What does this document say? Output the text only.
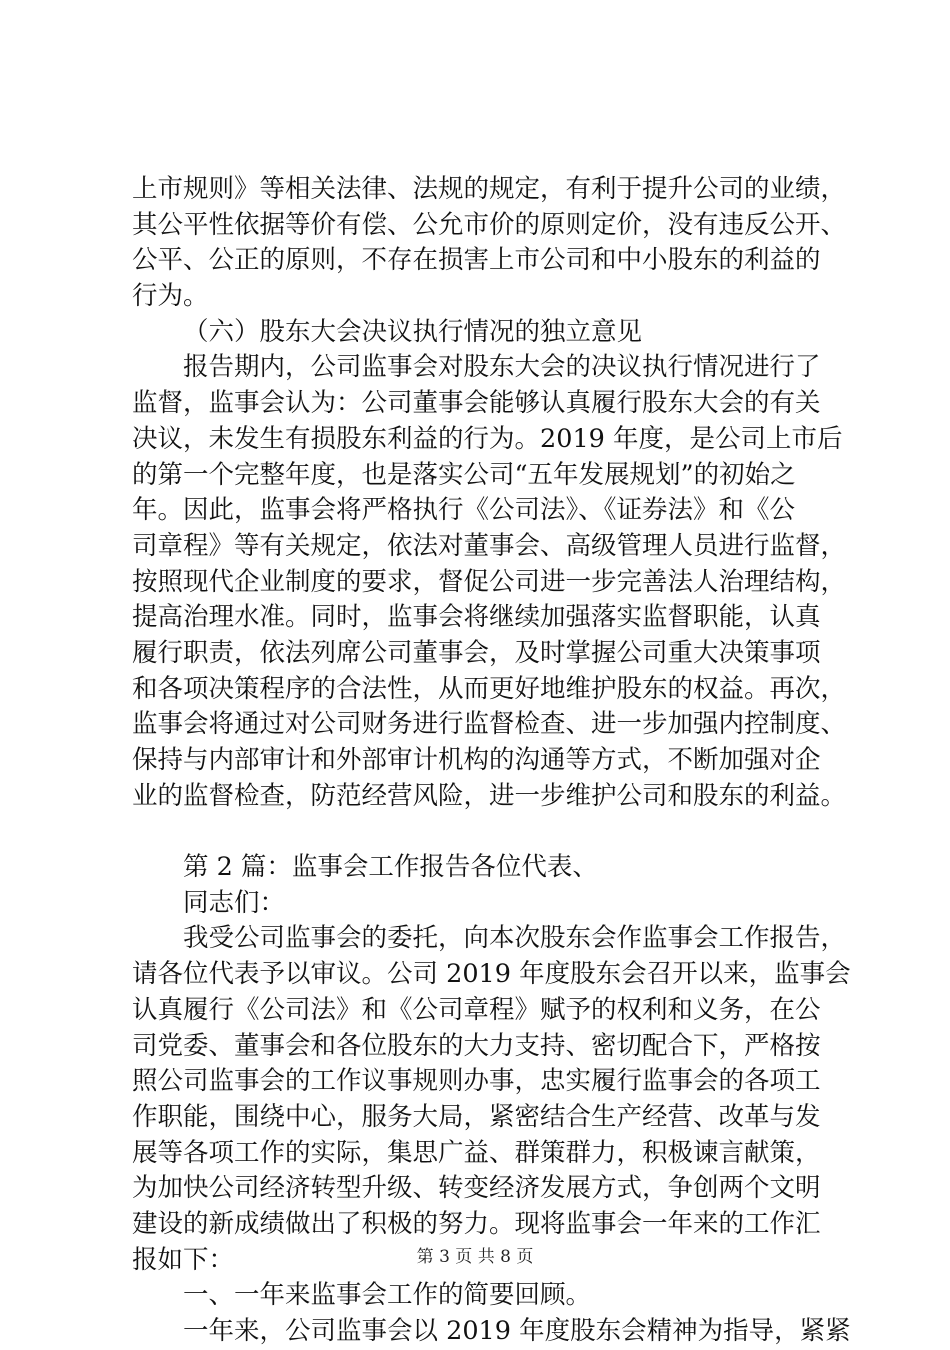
上市规则》等相关法律、法规的规定，有利于提升公司的业绩，
其公平性依据等价有偿、公允市价的原则定价，没有违反公开、
公平、公正的原则，不存在损害上市公司和中小股东的利益的
行为。
（六）股东大会决议执行情况的独立意见
报告期内，公司监事会对股东大会的决议执行情况进行了
监督，监事会认为：公司董事会能够认真履行股东大会的有关
决议，未发生有损股东利益的行为。2019 年度，是公司上市后
的第一个完整年度，也是落实公司“五年发展规划”的初始之
年。因此，监事会将严格执行《公司法》、《证券法》和《公
司章程》等有关规定，依法对董事会、高级管理人员进行监督，
按照现代企业制度的要求，督促公司进一步完善法人治理结构，
提高治理水准。同时，监事会将继续加强落实监督职能，认真
履行职责，依法列席公司董事会，及时掌握公司重大决策事项
和各项决策程序的合法性，从而更好地维护股东的权益。再次，
监事会将通过对公司财务进行监督检查、进一步加强内控制度、
保持与内部审计和外部审计机构的沟通等方式，不断加强对企
业的监督检查，防范经营风险，进一步维护公司和股东的利益。
第 2 篇：监事会工作报告各位代表、
同志们：
我受公司监事会的委托，向本次股东会作监事会工作报告，
请各位代表予以审议。公司 2019 年度股东会召开以来，监事会
认真履行《公司法》和《公司章程》赋予的权利和义务，在公
司党委、董事会和各位股东的大力支持、密切配合下，严格按
照公司监事会的工作议事规则办事，忠实履行监事会的各项工
作职能，围绕中心，服务大局，紧密结合生产经营、改革与发
展等各项工作的实际，集思广益、群策群力，积极谏言献策，
为加快公司经济转型升级、转变经济发展方式，争创两个文明
建设的新成绩做出了积极的努力。现将监事会一年来的工作汇
报如下：
一、一年来监事会工作的简要回顾。
一年来，公司监事会以 2019 年度股东会精神为指导，紧紧
第 3 页 共 8 页
